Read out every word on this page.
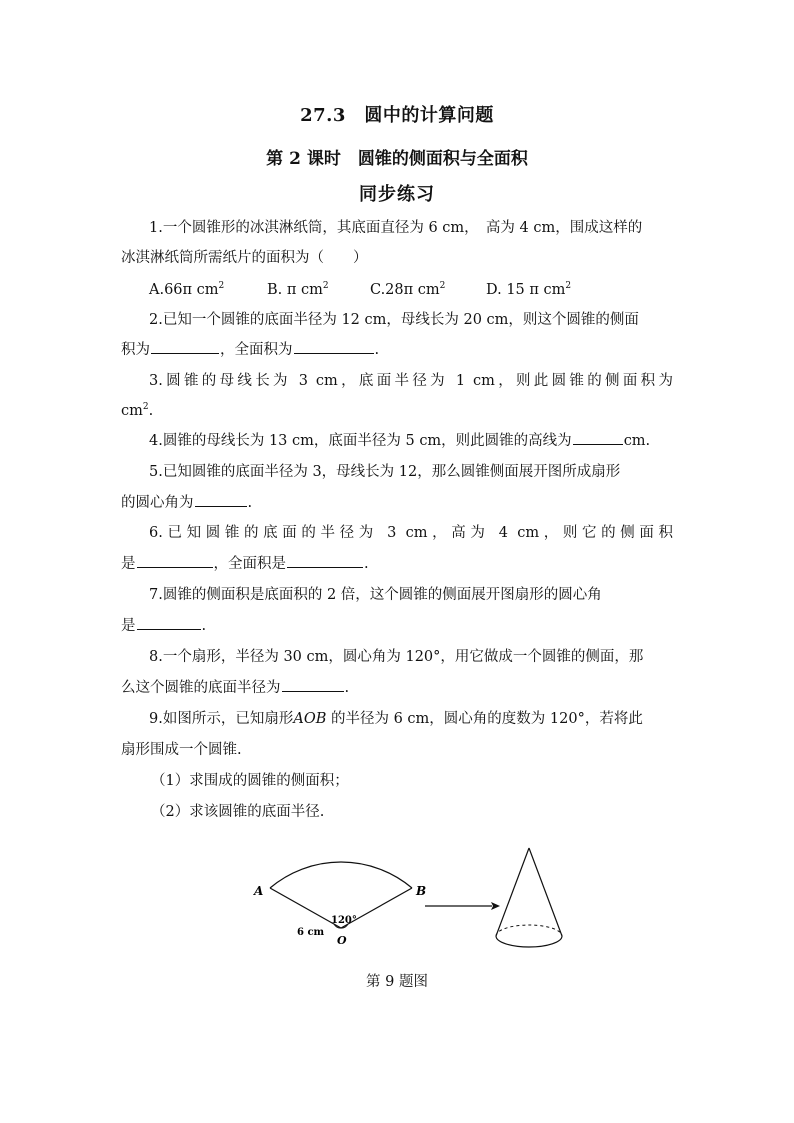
27.3　圆中的计算问题
第 2 课时　圆锥的侧面积与全面积
同步练习
1.一个圆锥形的冰淇淋纸筒，其底面直径为 6 cm，　高为 4 cm，围成这样的
冰淇淋纸筒所需纸片的面积为（　　）
A.66π $cm^2$	B. π $cm^2$	C.28π $cm^2$	D. 15 π $cm^2$
2.已知一个圆锥的底面半径为 12 cm，母线长为 20 cm，则这个圆锥的侧面
积为	，全面积为	.
3.圆锥的母线长为 3 cm，底面半径为 1 cm，则此圆锥的侧面积为
$cm^2$.
4.圆锥的母线长为 13 cm，底面半径为 5 cm，则此圆锥的高线为	cm.
5.已知圆锥的底面半径为 3，母线长为 12，那么圆锥侧面展开图所成扇形
的圆心角为	.
6.已知圆锥的底面的半径为 3 cm，高为 4 cm，则它的侧面积
是	，全面积是	.
7.圆锥的侧面积是底面积的 2 倍，这个圆锥的侧面展开图扇形的圆心角
是	.
8.一个扇形，半径为 30 cm，圆心角为 120°，用它做成一个圆锥的侧面，那
么这个圆锥的底面半径为	.
9.如图所示，已知扇形AOB 的半径为 6 cm，圆心角的度数为 120°，若将此
扇形围成一个圆锥.
（1）求围成的圆锥的侧面积；
（2）求该圆锥的底面半径.
A	B
O
120°
6 cm
第 9 题图
